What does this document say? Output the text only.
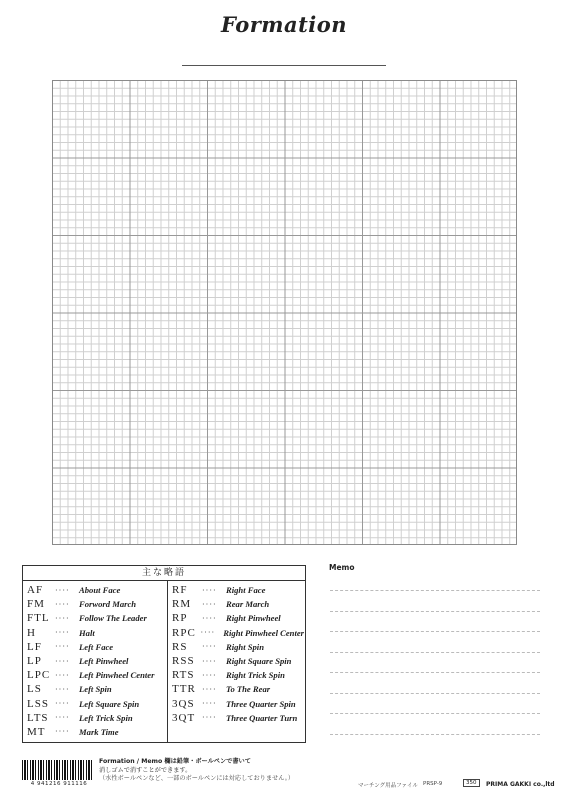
Formation
主な略語
AF	····	About Face
FM	····	Forword March
FTL ····	Follow The Leader
H	····	Halt
LF	····	Left Face
LP	····	Left Pinwheel
LPC ····	Left Pinwheel Center
LS	····	Left Spin
LSS ····	Left Square Spin
LTS ····	Left Trick Spin
MT	····	Mark Time
RF	····	Right Face
RM	····	Rear March
RP	····	Right Pinwheel
RPC ···· Right Pinwheel Center
RS	····	Right Spin
RSS ····	Right Square Spin
RTS ····	Right Trick Spin
TTR ····	To The Rear
3QS ····	Three Quarter Spin
3QT ····	Three Quarter Turn
Memo
4 941216 911116
Formation / Memo 欄は鉛筆・ボールペンで書いて
消しゴムで消すことができます。
（水性ボールペンなど、一部のボールペンには対応しておりません。）
マーチング用品ファイル PRSP-9	350	PRIMA GAKKI co.,ltd
